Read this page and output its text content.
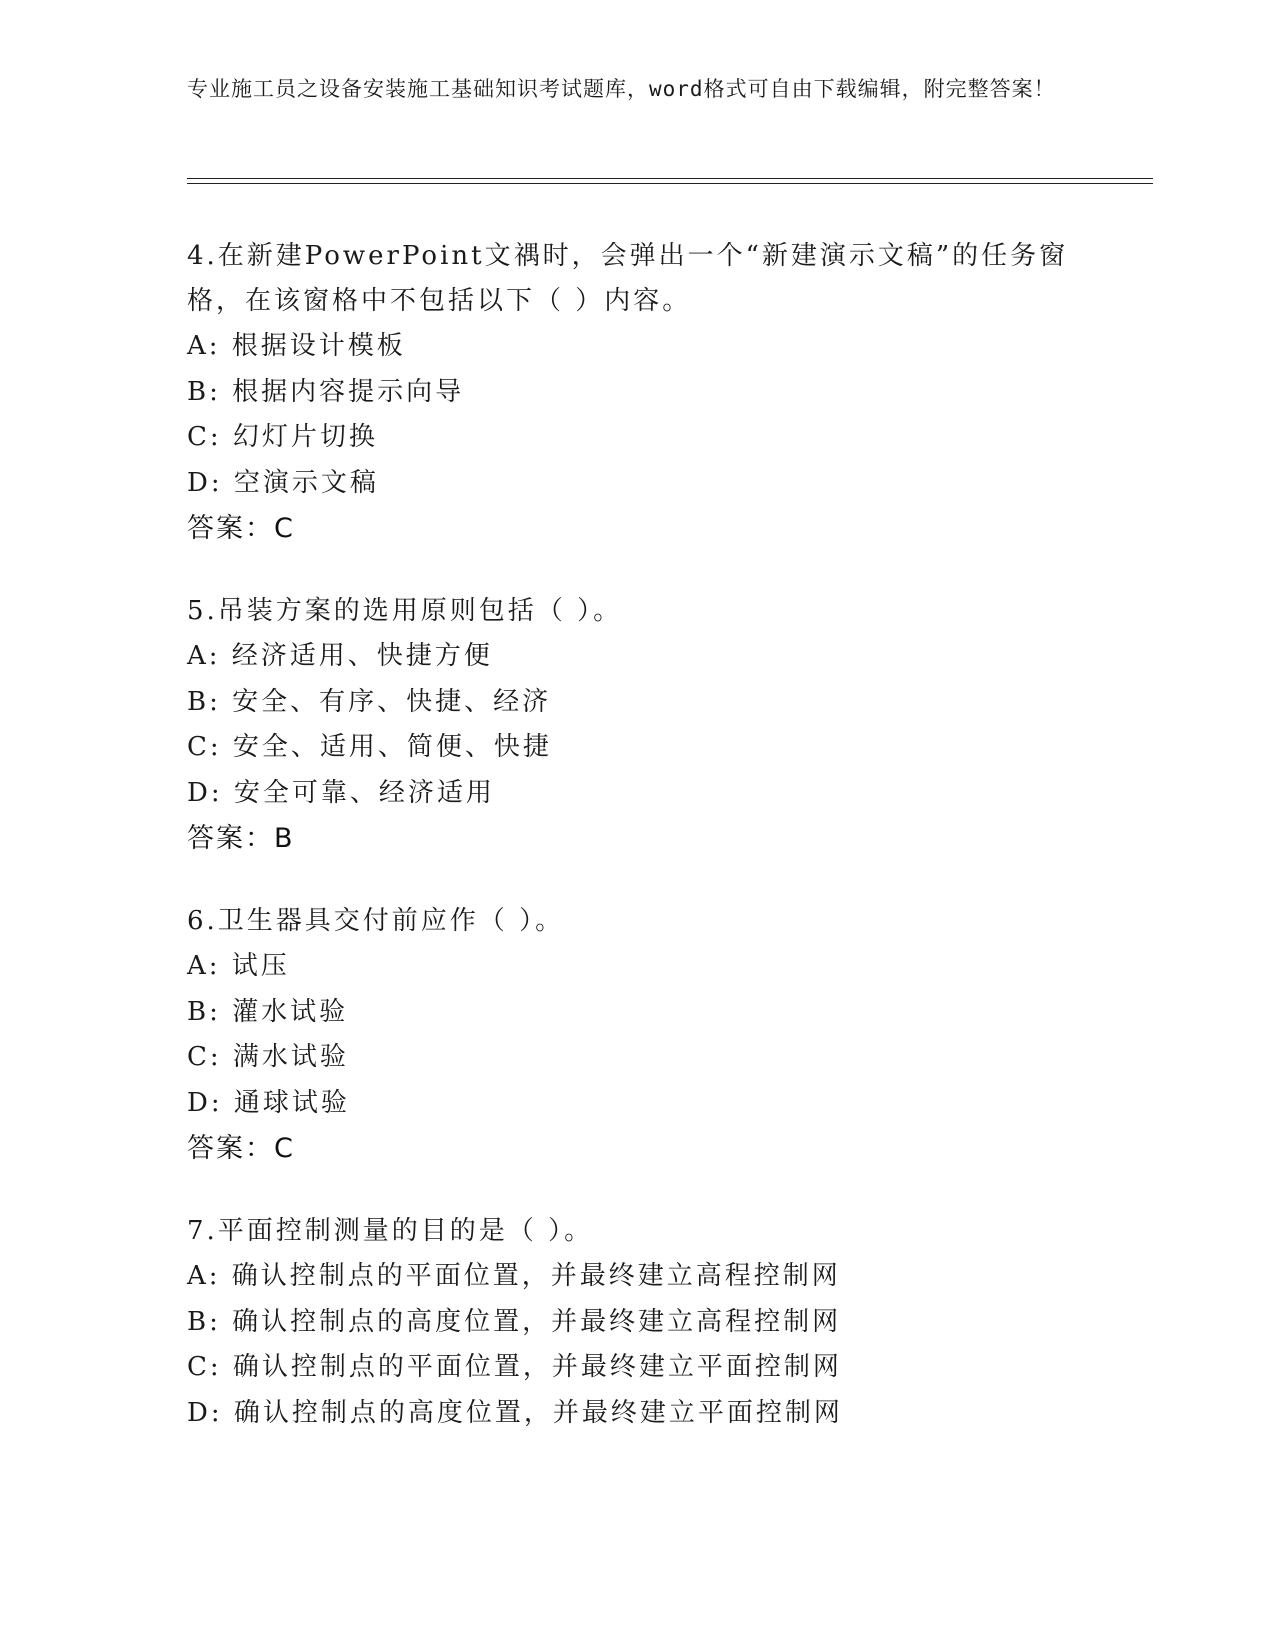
专业施工员之设备安装施工基础知识考试题库，word格式可自由下载编辑，附完整答案！
4.在新建PowerPoint文禑时，会弹出一个“新建演示文稿”的任务窗格，在该窗格中不包括以下（ ）内容。
A: 根据设计模板
B: 根据内容提示向导
C: 幻灯片切换
D: 空演示文稿
答案：C
5.吊装方案的选用原则包括（ ）。
A: 经济适用、快捷方便
B: 安全、有序、快捷、经济
C: 安全、适用、简便、快捷
D: 安全可靠、经济适用
答案：B
6.卫生器具交付前应作（ ）。
A: 试压
B: 灌水试验
C: 满水试验
D: 通球试验
答案：C
7.平面控制测量的目的是（ ）。
A: 确认控制点的平面位置，并最终建立高程控制网
B: 确认控制点的高度位置，并最终建立高程控制网
C: 确认控制点的平面位置，并最终建立平面控制网
D: 确认控制点的高度位置，并最终建立平面控制网
